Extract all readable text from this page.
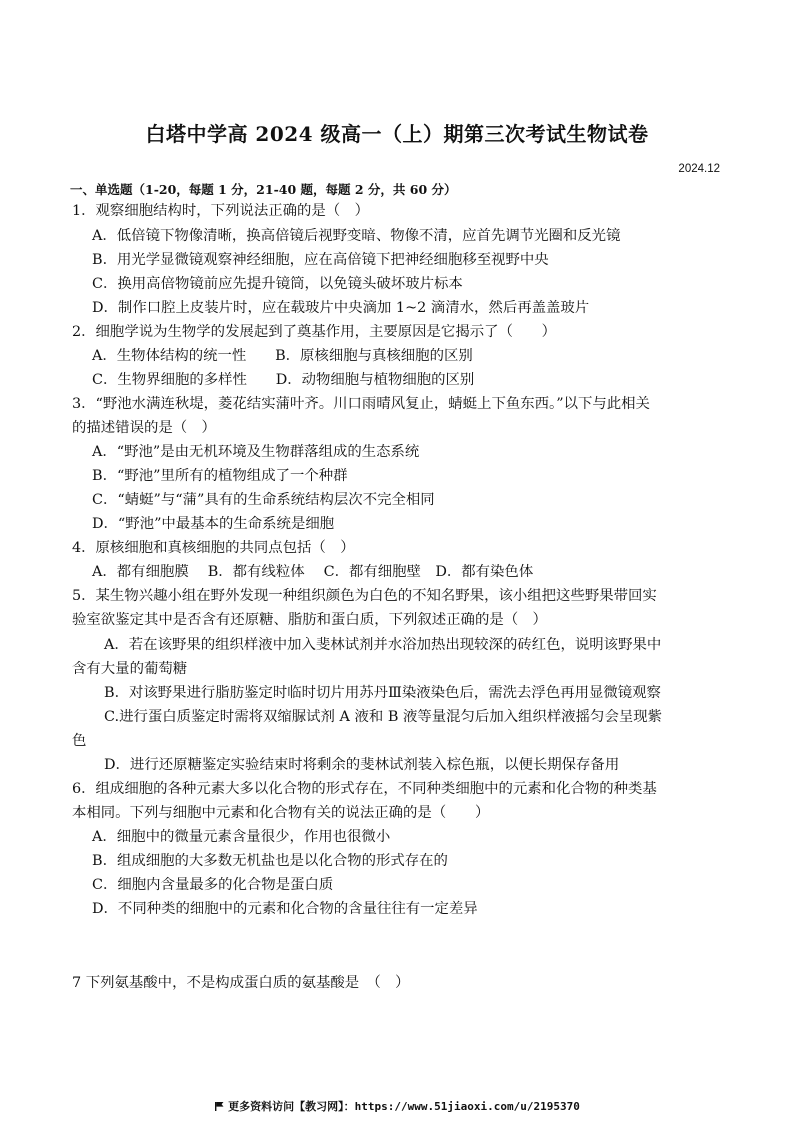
白塔中学高 2024 级高一（上）期第三次考试生物试卷
2024.12
一、单选题（1-20，每题 1 分，21-40 题，每题 2 分，共 60 分）
1．观察细胞结构时，下列说法正确的是（　）
A．低倍镜下物像清晰，换高倍镜后视野变暗、物像不清，应首先调节光圈和反光镜
B．用光学显微镜观察神经细胞，应在高倍镜下把神经细胞移至视野中央
C．换用高倍物镜前应先提升镜筒，以免镜头破坏玻片标本
D．制作口腔上皮装片时，应在载玻片中央滴加 1~2 滴清水，然后再盖盖玻片
2．细胞学说为生物学的发展起到了奠基作用，主要原因是它揭示了（　　）
A．生物体结构的统一性　　B．原核细胞与真核细胞的区别
C．生物界细胞的多样性　　D．动物细胞与植物细胞的区别
3．“野池水满连秋堤，菱花结实蒲叶齐。川口雨晴风复止，蜻蜓上下鱼东西。”以下与此相关
的描述错误的是（　）
A．“野池”是由无机环境及生物群落组成的生态系统
B．“野池”里所有的植物组成了一个种群
C．“蜻蜓”与“蒲”具有的生命系统结构层次不完全相同
D．“野池”中最基本的生命系统是细胞
4．原核细胞和真核细胞的共同点包括（　）
A．都有细胞膜　 B．都有线粒体　 C．都有细胞壁　D．都有染色体
5．某生物兴趣小组在野外发现一种组织颜色为白色的不知名野果，该小组把这些野果带回实
验室欲鉴定其中是否含有还原糖、脂肪和蛋白质，下列叙述正确的是（　）
A．若在该野果的组织样液中加入斐林试剂并水浴加热出现较深的砖红色，说明该野果中
含有大量的葡萄糖
B．对该野果进行脂肪鉴定时临时切片用苏丹Ⅲ染液染色后，需洗去浮色再用显微镜观察
C.进行蛋白质鉴定时需将双缩脲试剂 A 液和 B 液等量混匀后加入组织样液摇匀会呈现紫
色
D．进行还原糖鉴定实验结束时将剩余的斐林试剂装入棕色瓶，以便长期保存备用
6．组成细胞的各种元素大多以化合物的形式存在，不同种类细胞中的元素和化合物的种类基
本相同。下列与细胞中元素和化合物有关的说法正确的是（　　）
A．细胞中的微量元素含量很少，作用也很微小
B．组成细胞的大多数无机盐也是以化合物的形式存在的
C．细胞内含量最多的化合物是蛋白质
D．不同种类的细胞中的元素和化合物的含量往往有一定差异
7 下列氨基酸中，不是构成蛋白质的氨基酸是　（　）
更多资料访问【教习网】：https://www.51jiaoxi.com/u/2195370
